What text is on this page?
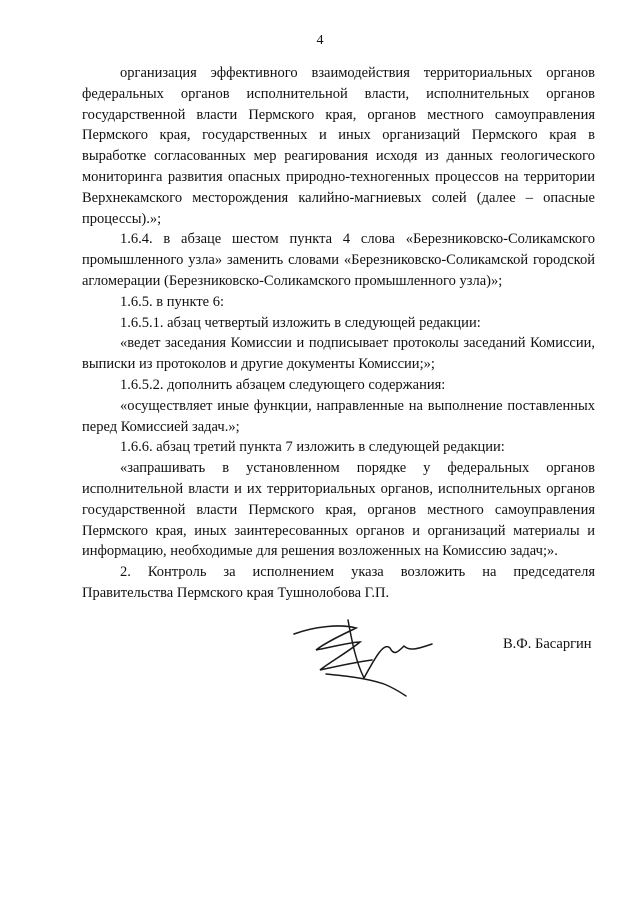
4

организация эффективного взаимодействия территориальных органов федеральных органов исполнительной власти, исполнительных органов государственной власти Пермского края, органов местного самоуправления Пермского края, государственных и иных организаций Пермского края в выработке согласованных мер реагирования исходя из данных геологического мониторинга развития опасных природно-техногенных процессов на территории Верхнекамского месторождения калийно-магниевых солей (далее – опасные процессы).»;

1.6.4. в абзаце шестом пункта 4 слова «Березниковско-Соликамского промышленного узла» заменить словами «Березниковско-Соликамской городской агломерации (Березниковско-Соликамского промышленного узла)»;

1.6.5. в пункте 6:

1.6.5.1. абзац четвертый изложить в следующей редакции:

«ведет заседания Комиссии и подписывает протоколы заседаний Комиссии, выписки из протоколов и другие документы Комиссии;»;

1.6.5.2. дополнить абзацем следующего содержания:

«осуществляет иные функции, направленные на выполнение поставленных перед Комиссией задач.»;

1.6.6. абзац третий пункта 7 изложить в следующей редакции:

«запрашивать в установленном порядке у федеральных органов исполнительной власти и их территориальных органов, исполнительных органов государственной власти Пермского края, органов местного самоуправления Пермского края, иных заинтересованных органов и организаций материалы и информацию, необходимые для решения возложенных на Комиссию задач;».

2. Контроль за исполнением указа возложить на председателя Правительства Пермского края Тушнолобова Г.П.

В.Ф. Басаргин
